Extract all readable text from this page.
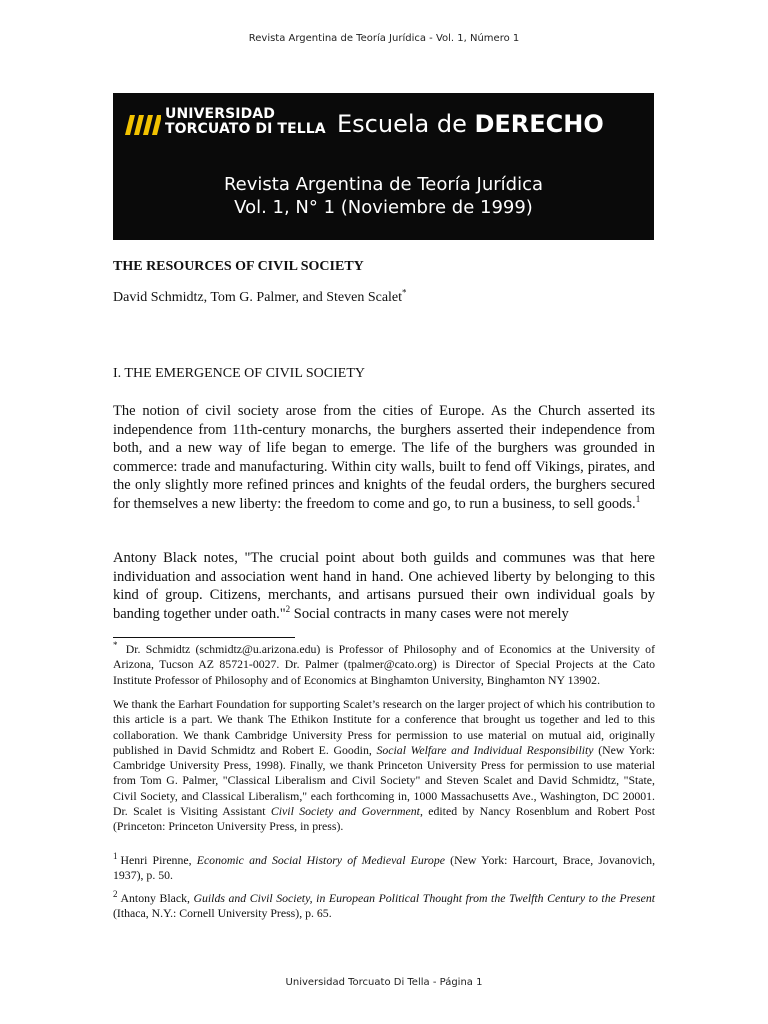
Revista Argentina de Teoría Jurídica - Vol. 1, Número 1
UNIVERSIDAD
TORCUATO DI TELLA Escuela de DERECHO
Revista Argentina de Teoría Jurídica
Vol. 1, N° 1 (Noviembre de 1999)
THE RESOURCES OF CIVIL SOCIETY
David Schmidtz, Tom G. Palmer, and Steven Scalet*
I. THE EMERGENCE OF CIVIL SOCIETY
The notion of civil society arose from the cities of Europe. As the Church asserted its independence from 11th-century monarchs, the burghers asserted their independence from both, and a new way of life began to emerge. The life of the burghers was grounded in commerce: trade and manufacturing. Within city walls, built to fend off Vikings, pirates, and the only slightly more refined princes and knights of the feudal orders, the burghers secured for themselves a new liberty: the freedom to come and go, to run a business, to sell goods.$^1$
Antony Black notes, "The crucial point about both guilds and communes was that here individuation and association went hand in hand. One achieved liberty by belonging to this kind of group. Citizens, merchants, and artisans pursued their own individual goals by banding together under oath."$^2$ Social contracts in many cases were not merely
* Dr. Schmidtz (schmidtz@u.arizona.edu) is Professor of Philosophy and of Economics at the University of Arizona, Tucson AZ 85721-0027. Dr. Palmer (tpalmer@cato.org) is Director of Special Projects at the Cato Institute Professor of Philosophy and of Economics at Binghamton University, Binghamton NY 13902.
We thank the Earhart Foundation for supporting Scalet’s research on the larger project of which his contribution to this article is a part. We thank The Ethikon Institute for a conference that brought us together and led to this collaboration. We thank Cambridge University Press for permission to use material on mutual aid, originally published in David Schmidtz and Robert E. Goodin, Social Welfare and Individual Responsibility (New York: Cambridge University Press, 1998). Finally, we thank Princeton University Press for permission to use material from Tom G. Palmer, "Classical Liberalism and Civil Society" and Steven Scalet and David Schmidtz, "State, Civil Society, and Classical Liberalism," each forthcoming in, 1000 Massachusetts Ave., Washington, DC 20001. Dr. Scalet is Visiting Assistant Civil Society and Government, edited by Nancy Rosenblum and Robert Post (Princeton: Princeton University Press, in press).
$^1$ Henri Pirenne, Economic and Social History of Medieval Europe (New York: Harcourt, Brace, Jovanovich, 1937), p. 50.
$^2$ Antony Black, Guilds and Civil Society, in European Political Thought from the Twelfth Century to the Present (Ithaca, N.Y.: Cornell University Press), p. 65.
Universidad Torcuato Di Tella - Página 1
